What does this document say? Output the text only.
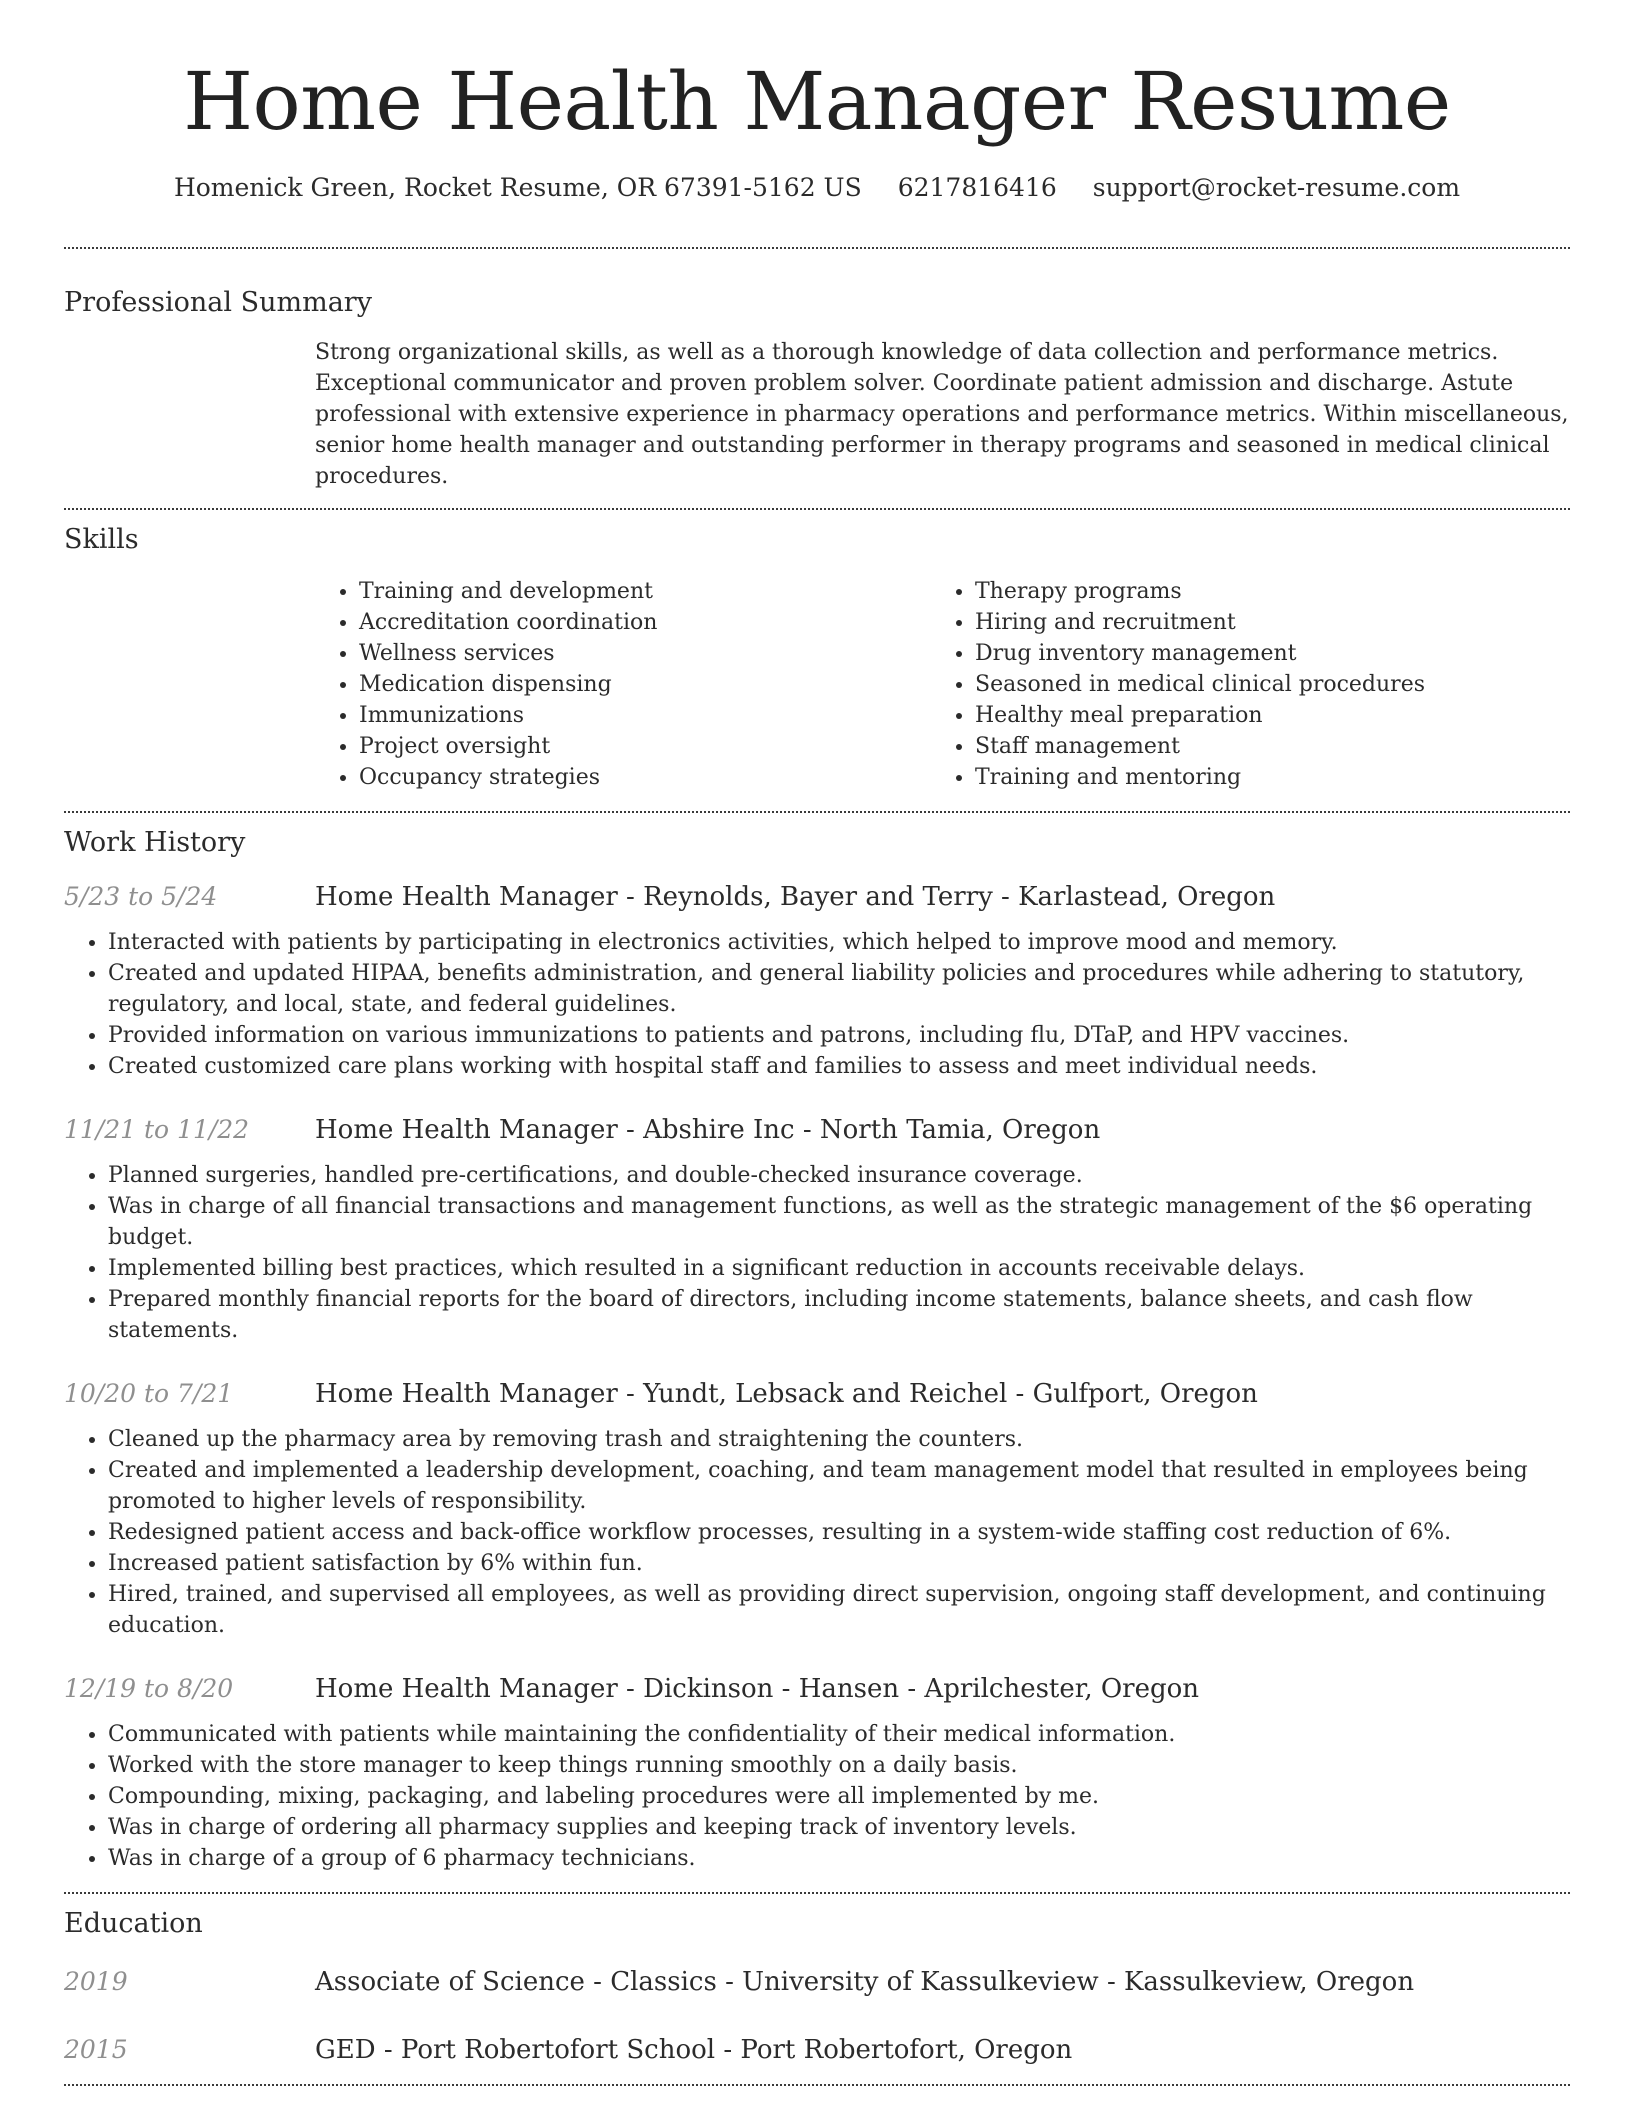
Home Health Manager Resume
Homenick Green, Rocket Resume, OR 67391-5162 US 6217816416 support@rocket-resume.com
Professional Summary
Strong organizational skills, as well as a thorough knowledge of data collection and performance metrics. Exceptional communicator and proven problem solver. Coordinate patient admission and discharge. Astute professional with extensive experience in pharmacy operations and performance metrics. Within miscellaneous, senior home health manager and outstanding performer in therapy programs and seasoned in medical clinical procedures.
Skills
• Training and development
• Accreditation coordination
• Wellness services
• Medication dispensing
• Immunizations
• Project oversight
• Occupancy strategies
• Therapy programs
• Hiring and recruitment
• Drug inventory management
• Seasoned in medical clinical procedures
• Healthy meal preparation
• Staff management
• Training and mentoring
Work History
5/23 to 5/24	Home Health Manager - Reynolds, Bayer and Terry - Karlastead, Oregon
• Interacted with patients by participating in electronics activities, which helped to improve mood and memory.
• Created and updated HIPAA, benefits administration, and general liability policies and procedures while adhering to statutory, regulatory, and local, state, and federal guidelines.
• Provided information on various immunizations to patients and patrons, including flu, DTaP, and HPV vaccines.
• Created customized care plans working with hospital staff and families to assess and meet individual needs.
11/21 to 11/22	Home Health Manager - Abshire Inc - North Tamia, Oregon
• Planned surgeries, handled pre-certifications, and double-checked insurance coverage.
• Was in charge of all financial transactions and management functions, as well as the strategic management of the $6 operating budget.
• Implemented billing best practices, which resulted in a significant reduction in accounts receivable delays.
• Prepared monthly financial reports for the board of directors, including income statements, balance sheets, and cash flow statements.
10/20 to 7/21	Home Health Manager - Yundt, Lebsack and Reichel - Gulfport, Oregon
• Cleaned up the pharmacy area by removing trash and straightening the counters.
• Created and implemented a leadership development, coaching, and team management model that resulted in employees being promoted to higher levels of responsibility.
• Redesigned patient access and back-office workflow processes, resulting in a system-wide staffing cost reduction of 6%.
• Increased patient satisfaction by 6% within fun.
• Hired, trained, and supervised all employees, as well as providing direct supervision, ongoing staff development, and continuing education.
12/19 to 8/20	Home Health Manager - Dickinson - Hansen - Aprilchester, Oregon
• Communicated with patients while maintaining the confidentiality of their medical information.
• Worked with the store manager to keep things running smoothly on a daily basis.
• Compounding, mixing, packaging, and labeling procedures were all implemented by me.
• Was in charge of ordering all pharmacy supplies and keeping track of inventory levels.
• Was in charge of a group of 6 pharmacy technicians.
Education
2019	Associate of Science - Classics - University of Kassulkeview - Kassulkeview, Oregon
2015	GED - Port Robertofort School - Port Robertofort, Oregon
